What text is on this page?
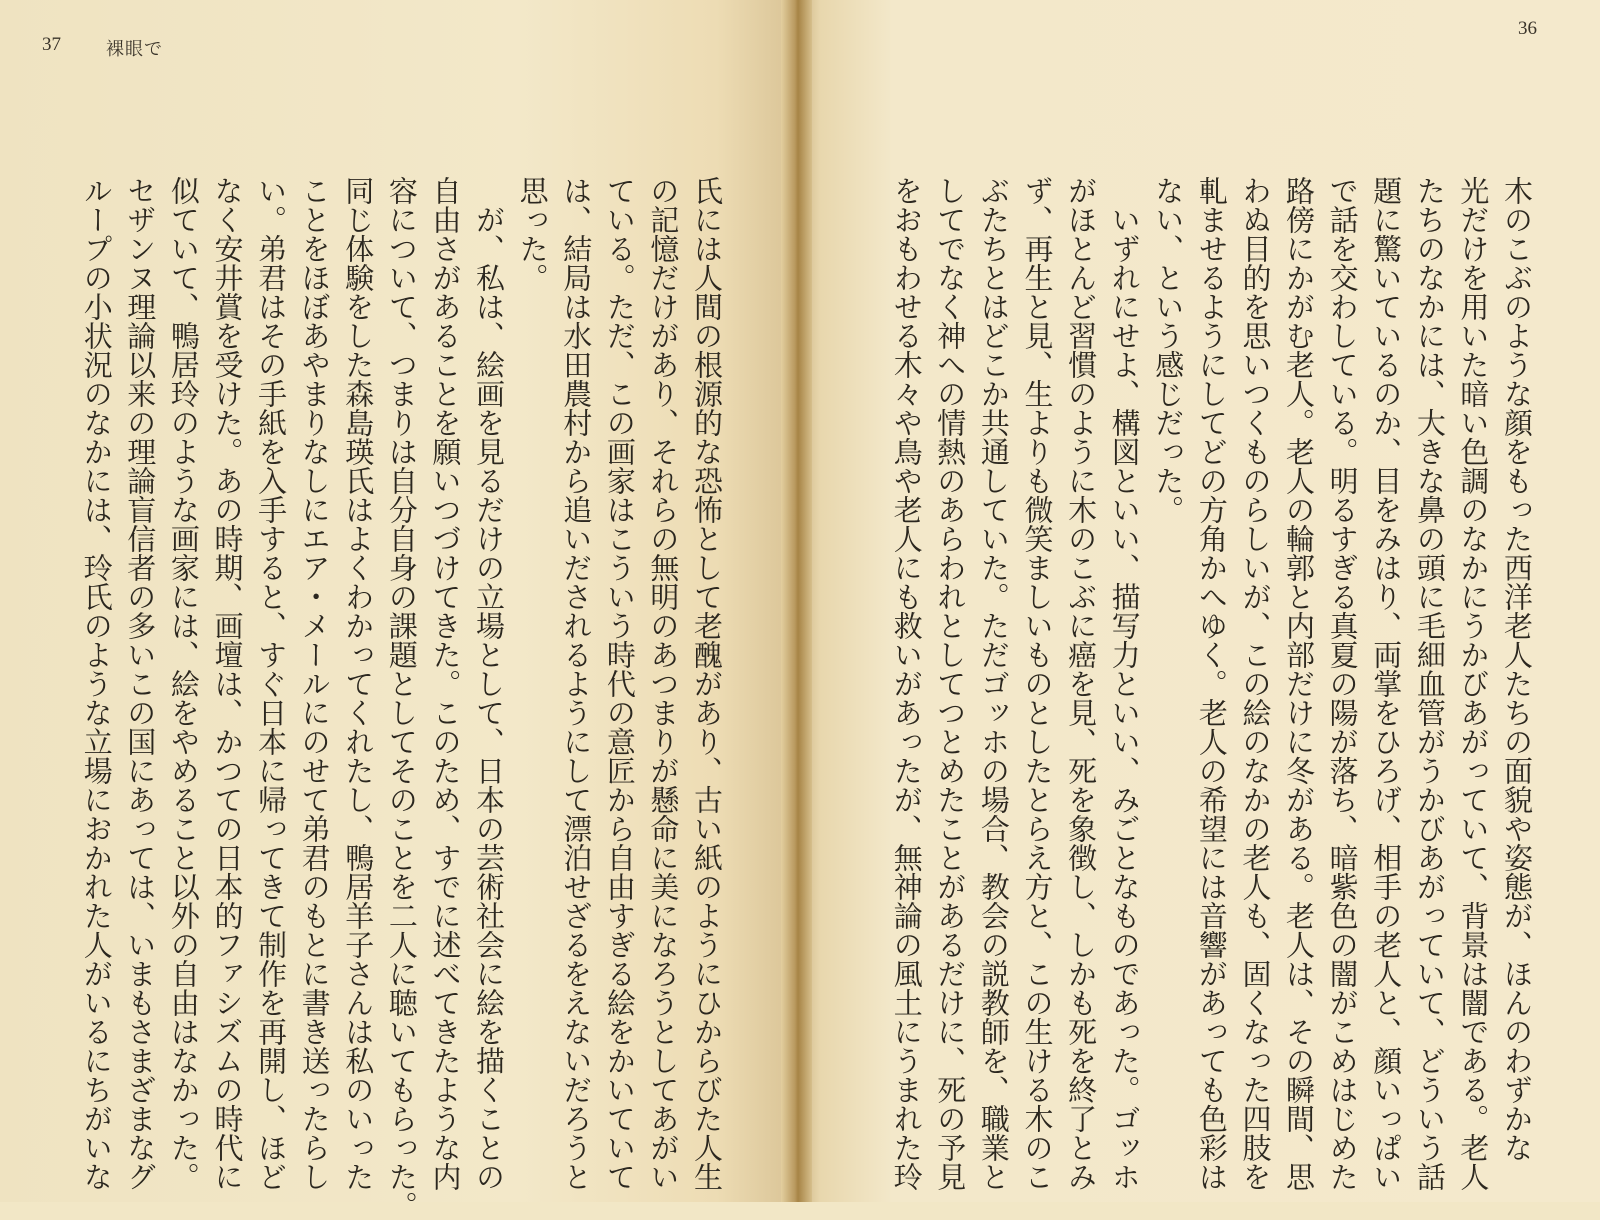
37	裸眼で
36
氏には人間の根源的な恐怖として老醜があり、古い紙のようにひからびた人生
の記憶だけがあり、それらの無明のあつまりが懸命に美になろうとしてあがい
ている。ただ、この画家はこういう時代の意匠から自由すぎる絵をかいていて
は、結局は水田農村から追いだされるようにして漂泊せざるをえないだろうと
思った。
　が、私は、絵画を見るだけの立場として、日本の芸術社会に絵を描くことの
自由さがあることを願いつづけてきた。このため、すでに述べてきたような内
容について、つまりは自分自身の課題としてそのことを二人に聴いてもらった。
同じ体験をした森島瑛氏はよくわかってくれたし、鴨居羊子さんは私のいった
ことをほぼあやまりなしにエア・メールにのせて弟君のもとに書き送ったらし
い。弟君はその手紙を入手すると、すぐ日本に帰ってきて制作を再開し、ほど
なく安井賞を受けた。あの時期、画壇は、かつての日本的ファシズムの時代に
似ていて、鴨居玲のような画家には、絵をやめること以外の自由はなかった。
セザンヌ理論以来の理論盲信者の多いこの国にあっては、いまもさまざまなグ
ループの小状況のなかには、玲氏のような立場におかれた人がいるにちがいな	木のこぶのような顔をもった西洋老人たちの面貌や姿態が、ほんのわずかな
光だけを用いた暗い色調のなかにうかびあがっていて、背景は闇である。老人
たちのなかには、大きな鼻の頭に毛細血管がうかびあがっていて、どういう話
題に驚いているのか、目をみはり、両掌をひろげ、相手の老人と、顔いっぱい
で話を交わしている。明るすぎる真夏の陽が落ち、暗紫色の闇がこめはじめた
路傍にかがむ老人。老人の輪郭と内部だけに冬がある。老人は、その瞬間、思
わぬ目的を思いつくものらしいが、この絵のなかの老人も、固くなった四肢を
軋ませるようにしてどの方角かへゆく。老人の希望には音響があっても色彩は
ない、という感じだった。
　いずれにせよ、構図といい、描写力といい、みごとなものであった。ゴッホ
がほとんど習慣のように木のこぶに癌を見、死を象徴し、しかも死を終了とみ
ず、再生と見、生よりも微笑ましいものとしたとらえ方と、この生ける木のこ
ぶたちとはどこか共通していた。ただゴッホの場合、教会の説教師を、職業と
してでなく神への情熱のあらわれとしてつとめたことがあるだけに、死の予見
をおもわせる木々や鳥や老人にも救いがあったが、無神論の風土にうまれた玲
